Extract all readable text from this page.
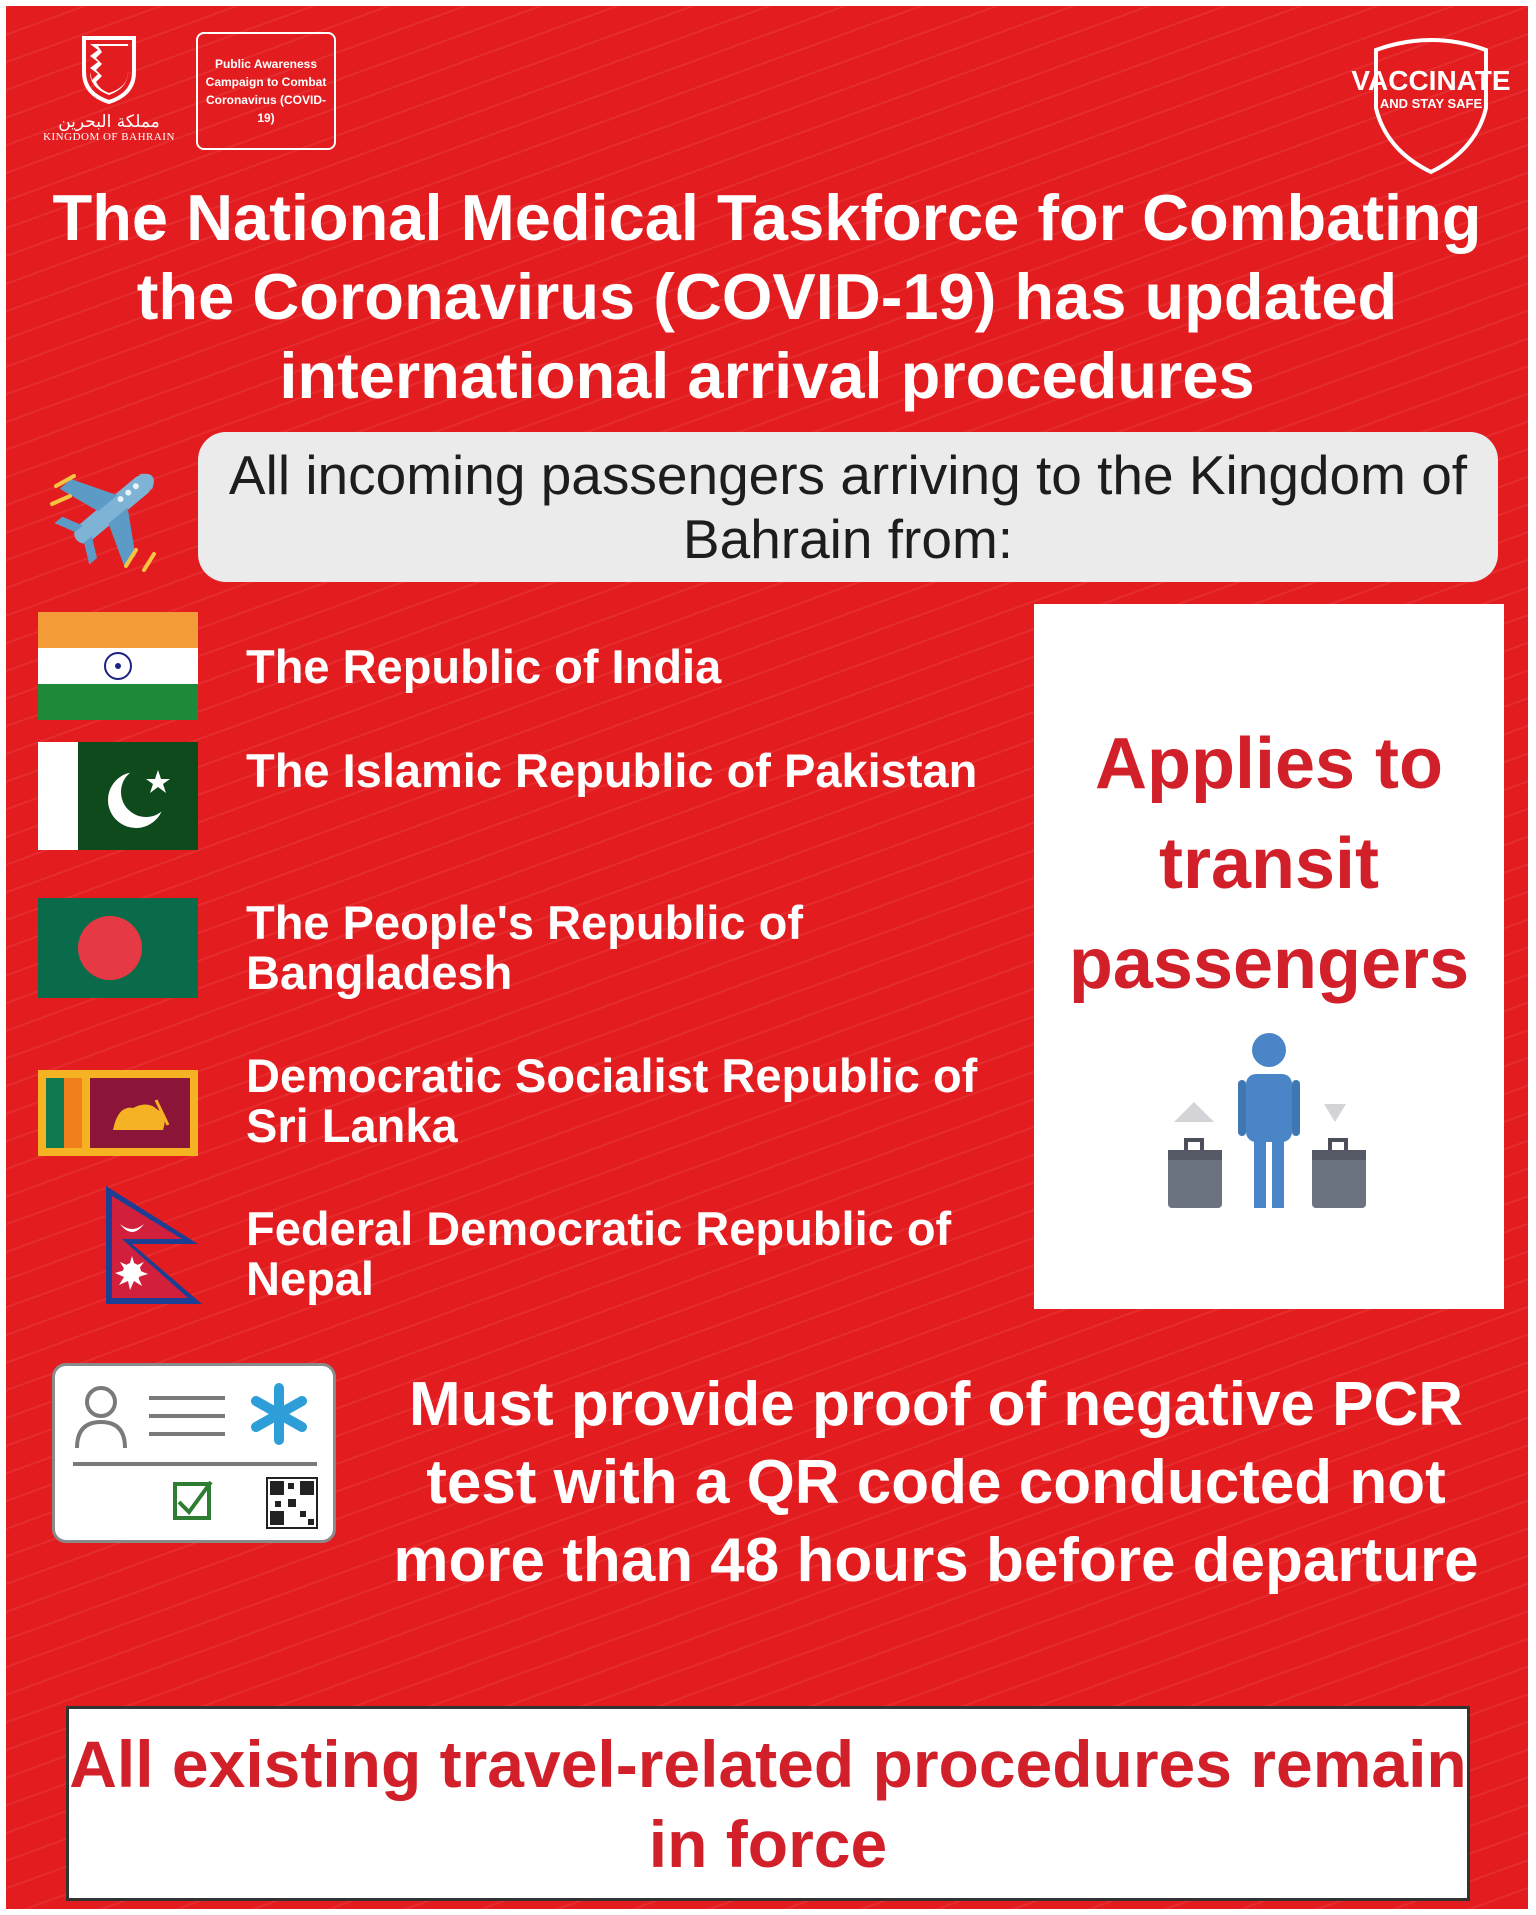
مملكة البحرين
KINGDOM OF BAHRAIN
Public Awareness Campaign to Combat Coronavirus (COVID-19)
VACCINATE
AND STAY SAFE
The National Medical Taskforce for Combating the Coronavirus (COVID-19) has updated international arrival procedures
All incoming passengers arriving to the Kingdom of Bahrain from:
The Republic of India
The Islamic Republic of Pakistan
The People's Republic of Bangladesh
Democratic Socialist Republic of Sri Lanka
Federal Democratic Republic of Nepal
Applies to transit passengers
Must provide proof of negative PCR test with a QR code conducted not more than 48 hours before departure
All existing travel-related procedures remain in force
